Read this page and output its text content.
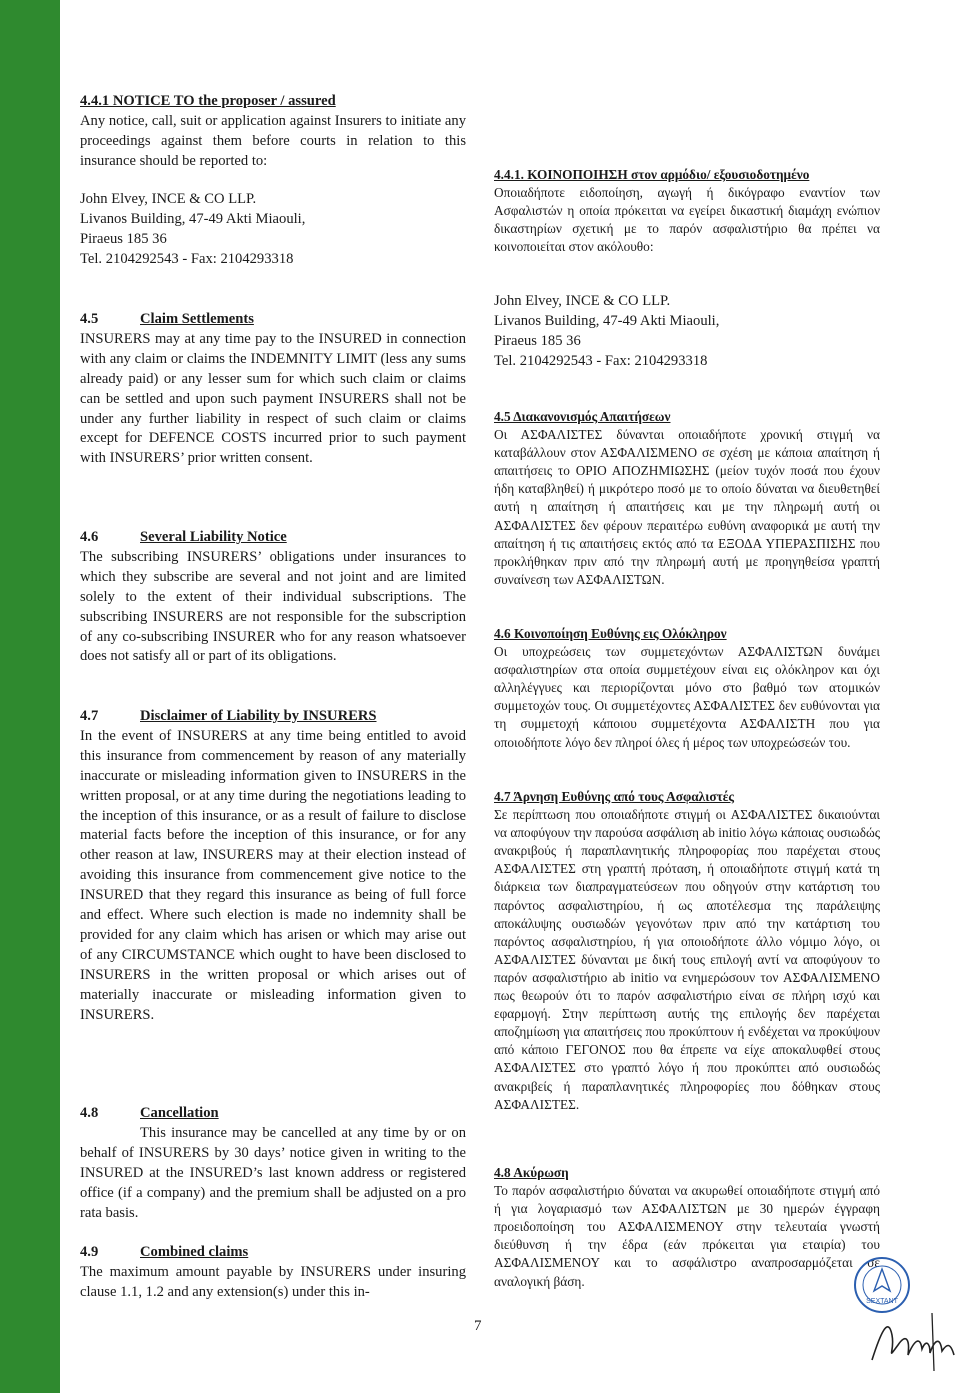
4.4.1 NOTICE TO the proposer / assured

Any notice, call, suit or application against Insurers to initiate any proceedings against them before courts in relation to this insurance should be reported to:

John Elvey, INCE & CO LLP.

Livanos Building, 47-49 Akti Miaouli,

Piraeus 185 36

Tel. 2104292543 - Fax: 2104293318

4.5	Claim Settlements

INSURERS may at any time pay to the INSURED in connection with any claim or claims the INDEMNITY LIMIT (less any sums already paid) or any lesser sum for which such claim or claims can be settled and upon such payment INSURERS shall not be under any further liability in respect of such claim or claims except for DEFENCE COSTS incurred prior to such payment with INSURERS’ prior written consent.

4.6	Several Liability Notice

The subscribing INSURERS’ obligations under insurances to which they subscribe are several and not joint and are limited solely to the extent of their individual subscriptions. The subscribing INSURERS are not responsible for the subscription of any co-subscribing INSURER who for any reason whatsoever does not satisfy all or part of its obligations.

4.7	Disclaimer of Liability by INSURERS

In the event of INSURERS at any time being entitled to avoid this insurance from commencement by reason of any materially inaccurate or misleading information given to INSURERS in the written proposal, or at any time during the negotiations leading to the inception of this insurance, or as a result of failure to disclose material facts before the inception of this insurance, or for any other reason at law, INSURERS may at their election instead of avoiding this insurance from commencement give notice to the INSURED that they regard this insurance as being of full force and effect. Where such election is made no indemnity shall be provided for any claim which has arisen or which may arise out of any CIRCUMSTANCE which ought to have been disclosed to INSURERS in the written proposal or which arises out of materially inaccurate or misleading information given to INSURERS.

4.8	Cancellation

This insurance may be cancelled at any time by or on behalf of INSURERS by 30 days’ notice given in writing to the INSURED at the INSURED’s last known address or registered office (if a company) and the premium shall be adjusted on a pro rata basis.

4.9	Combined claims

The maximum amount payable by INSURERS under insuring clause 1.1, 1.2 and any extension(s) under this in-

4.4.1. ΚΟΙΝΟΠΟΙΗΣΗ στον αρμόδιο/ εξουσιοδοτημένο

Οποιαδήποτε ειδοποίηση, αγωγή ή δικόγραφο εναντίον των Ασφαλιστών η οποία πρόκειται να εγείρει δικαστική διαμάχη ενώπιον δικαστηρίων σχετική με το παρόν ασφαλιστήριο θα πρέπει να κοινοποιείται στον ακόλουθο:

John Elvey, INCE & CO LLP.

Livanos Building, 47-49 Akti Miaouli,

Piraeus 185 36

Tel. 2104292543 - Fax: 2104293318

4.5 Διακανονισμός Απαιτήσεων

Οι ΑΣΦΑΛΙΣΤΕΣ δύνανται οποιαδήποτε χρονική στιγμή να καταβάλλουν στον ΑΣΦΑΛΙΣΜΕΝΟ σε σχέση με κάποια απαίτηση ή απαιτήσεις το ΟΡΙΟ ΑΠΟΖΗΜΙΩΣΗΣ (μείον τυχόν ποσά που έχουν ήδη καταβληθεί) ή μικρότερο ποσό με το οποίο δύναται να διευθετηθεί αυτή η απαίτηση ή απαιτήσεις και με την πληρωμή αυτή οι ΑΣΦΑΛΙΣΤΕΣ δεν φέρουν περαιτέρω ευθύνη αναφορικά με αυτή την απαίτηση ή τις απαιτήσεις εκτός από τα ΕΞΟΔΑ ΥΠΕΡΑΣΠΙΣΗΣ που προκλήθηκαν πριν από την πληρωμή αυτή με προηγηθείσα γραπτή συναίνεση των ΑΣΦΑΛΙΣΤΩΝ.

4.6 Κοινοποίηση Ευθύνης εις Ολόκληρον

Οι υποχρεώσεις των συμμετεχόντων ΑΣΦΑΛΙΣΤΩΝ δυνάμει ασφαλιστηρίων στα οποία συμμετέχουν είναι εις ολόκληρον και όχι αλληλέγγυες και περιορίζονται μόνο στο βαθμό των ατομικών συμμετοχών τους. Οι συμμετέχοντες ΑΣΦΑΛΙΣΤΕΣ δεν ευθύνονται για τη συμμετοχή κάποιου συμμετέχοντα ΑΣΦΑΛΙΣΤΗ που για οποιοδήποτε λόγο δεν πληροί όλες ή μέρος των υποχρεώσεών του.

4.7 Άρνηση Ευθύνης από τους Ασφαλιστές

Σε περίπτωση που οποιαδήποτε στιγμή οι ΑΣΦΑΛΙΣΤΕΣ δικαιούνται να αποφύγουν την παρούσα ασφάλιση ab initio λόγω κάποιας ουσιωδώς ανακριβούς ή παραπλανητικής πληροφορίας που παρέχεται στους ΑΣΦΑΛΙΣΤΕΣ στη γραπτή πρόταση, ή οποιαδήποτε στιγμή κατά τη διάρκεια των διαπραγματεύσεων που οδηγούν στην κατάρτιση του παρόντος ασφαλιστηρίου, ή ως αποτέλεσμα της παράλειψης αποκάλυψης ουσιωδών γεγονότων πριν από την κατάρτιση του παρόντος ασφαλιστηρίου, ή για οποιοδήποτε άλλο νόμιμο λόγο, οι ΑΣΦΑΛΙΣΤΕΣ δύνανται με δική τους επιλογή αντί να αποφύγουν το παρόν ασφαλιστήριο ab initio να ενημερώσουν τον ΑΣΦΑΛΙΣΜΕΝΟ πως θεωρούν ότι το παρόν ασφαλιστήριο είναι σε πλήρη ισχύ και εφαρμογή. Στην περίπτωση αυτής της επιλογής δεν παρέχεται αποζημίωση για απαιτήσεις που προκύπτουν ή ενδέχεται να προκύψουν από κάποιο ΓΕΓΟΝΟΣ που θα έπρεπε να είχε αποκαλυφθεί στους ΑΣΦΑΛΙΣΤΕΣ στο γραπτό λόγο ή που προκύπτει από ουσιωδώς ανακριβείς ή παραπλανητικές πληροφορίες που δόθηκαν στους ΑΣΦΑΛΙΣΤΕΣ.

4.8 Ακύρωση

Το παρόν ασφαλιστήριο δύναται να ακυρωθεί οποιαδήποτε στιγμή από ή για λογαριασμό των ΑΣΦΑΛΙΣΤΩΝ με 30 ημερών έγγραφη προειδοποίηση του ΑΣΦΑΛΙΣΜΕΝΟΥ στην τελευταία γνωστή διεύθυνση ή την έδρα (εάν πρόκειται για εταιρία) του ΑΣΦΑΛΙΣΜΕΝΟΥ και το ασφάλιστρο αναπροσαρμόζεται σε αναλογική βάση.

7
SEXTANT
